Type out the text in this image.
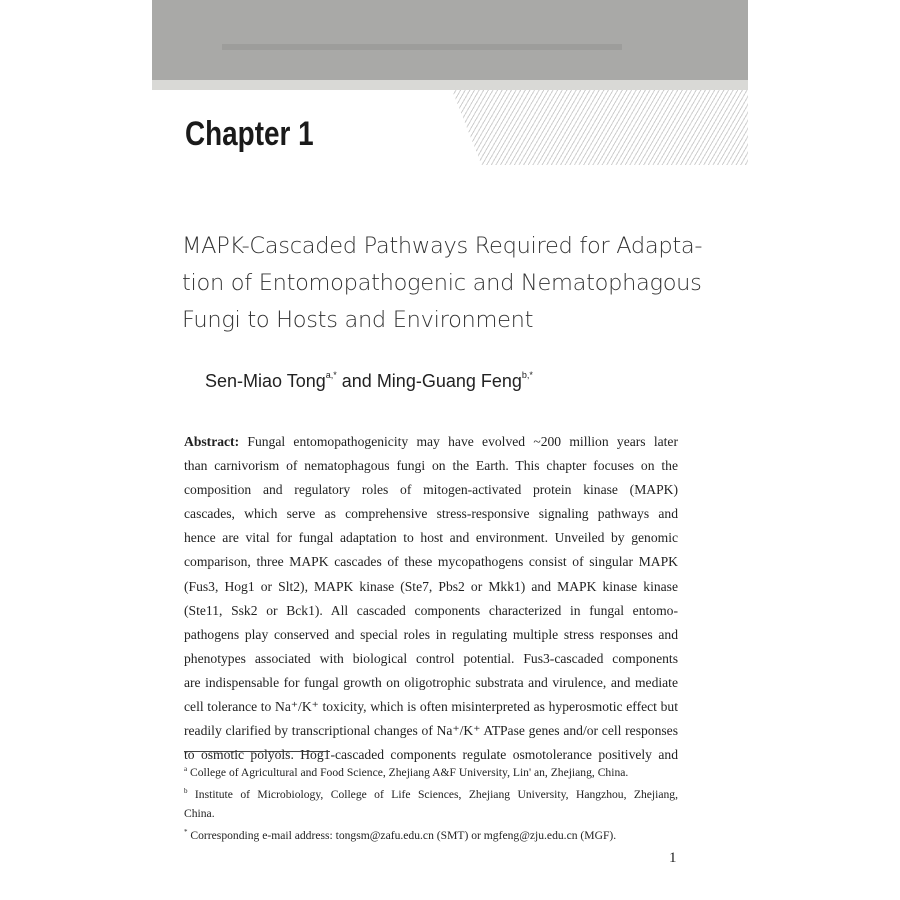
Chapter 1
MAPK-Cascaded Pathways Required for Adapta-
tion of Entomopathogenic and Nematophagous
Fungi to Hosts and Environment
Sen-Miao Tong$^{a,*}$ and Ming-Guang Feng$^{b,*}$
Abstract: Fungal entomopathogenicity may have evolved ~200 million years later
than carnivorism of nematophagous fungi on the Earth. This chapter focuses on the
composition and regulatory roles of mitogen-activated protein kinase (MAPK)
cascades, which serve as comprehensive stress-responsive signaling pathways and
hence are vital for fungal adaptation to host and environment. Unveiled by genomic
comparison, three MAPK cascades of these mycopathogens consist of singular MAPK
(Fus3, Hog1 or Slt2), MAPK kinase (Ste7, Pbs2 or Mkk1) and MAPK kinase kinase
(Ste11, Ssk2 or Bck1). All cascaded components characterized in fungal entomo-
pathogens play conserved and special roles in regulating multiple stress responses and
phenotypes associated with biological control potential. Fus3-cascaded components
are indispensable for fungal growth on oligotrophic substrata and virulence, and mediate
cell tolerance to Na⁺/K⁺ toxicity, which is often misinterpreted as hyperosmotic effect but
readily clarified by transcriptional changes of Na⁺/K⁺ ATPase genes and/or cell responses
to osmotic polyols. Hog1-cascaded components regulate osmotolerance positively and
$^a$ College of Agricultural and Food Science, Zhejiang A&F University, Lin' an, Zhejiang, China.
$^b$ Institute of Microbiology, College of Life Sciences, Zhejiang University, Hangzhou, Zhejiang,
China.
* Corresponding e-mail address: tongsm@zafu.edu.cn (SMT) or mgfeng@zju.edu.cn (MGF).
1
